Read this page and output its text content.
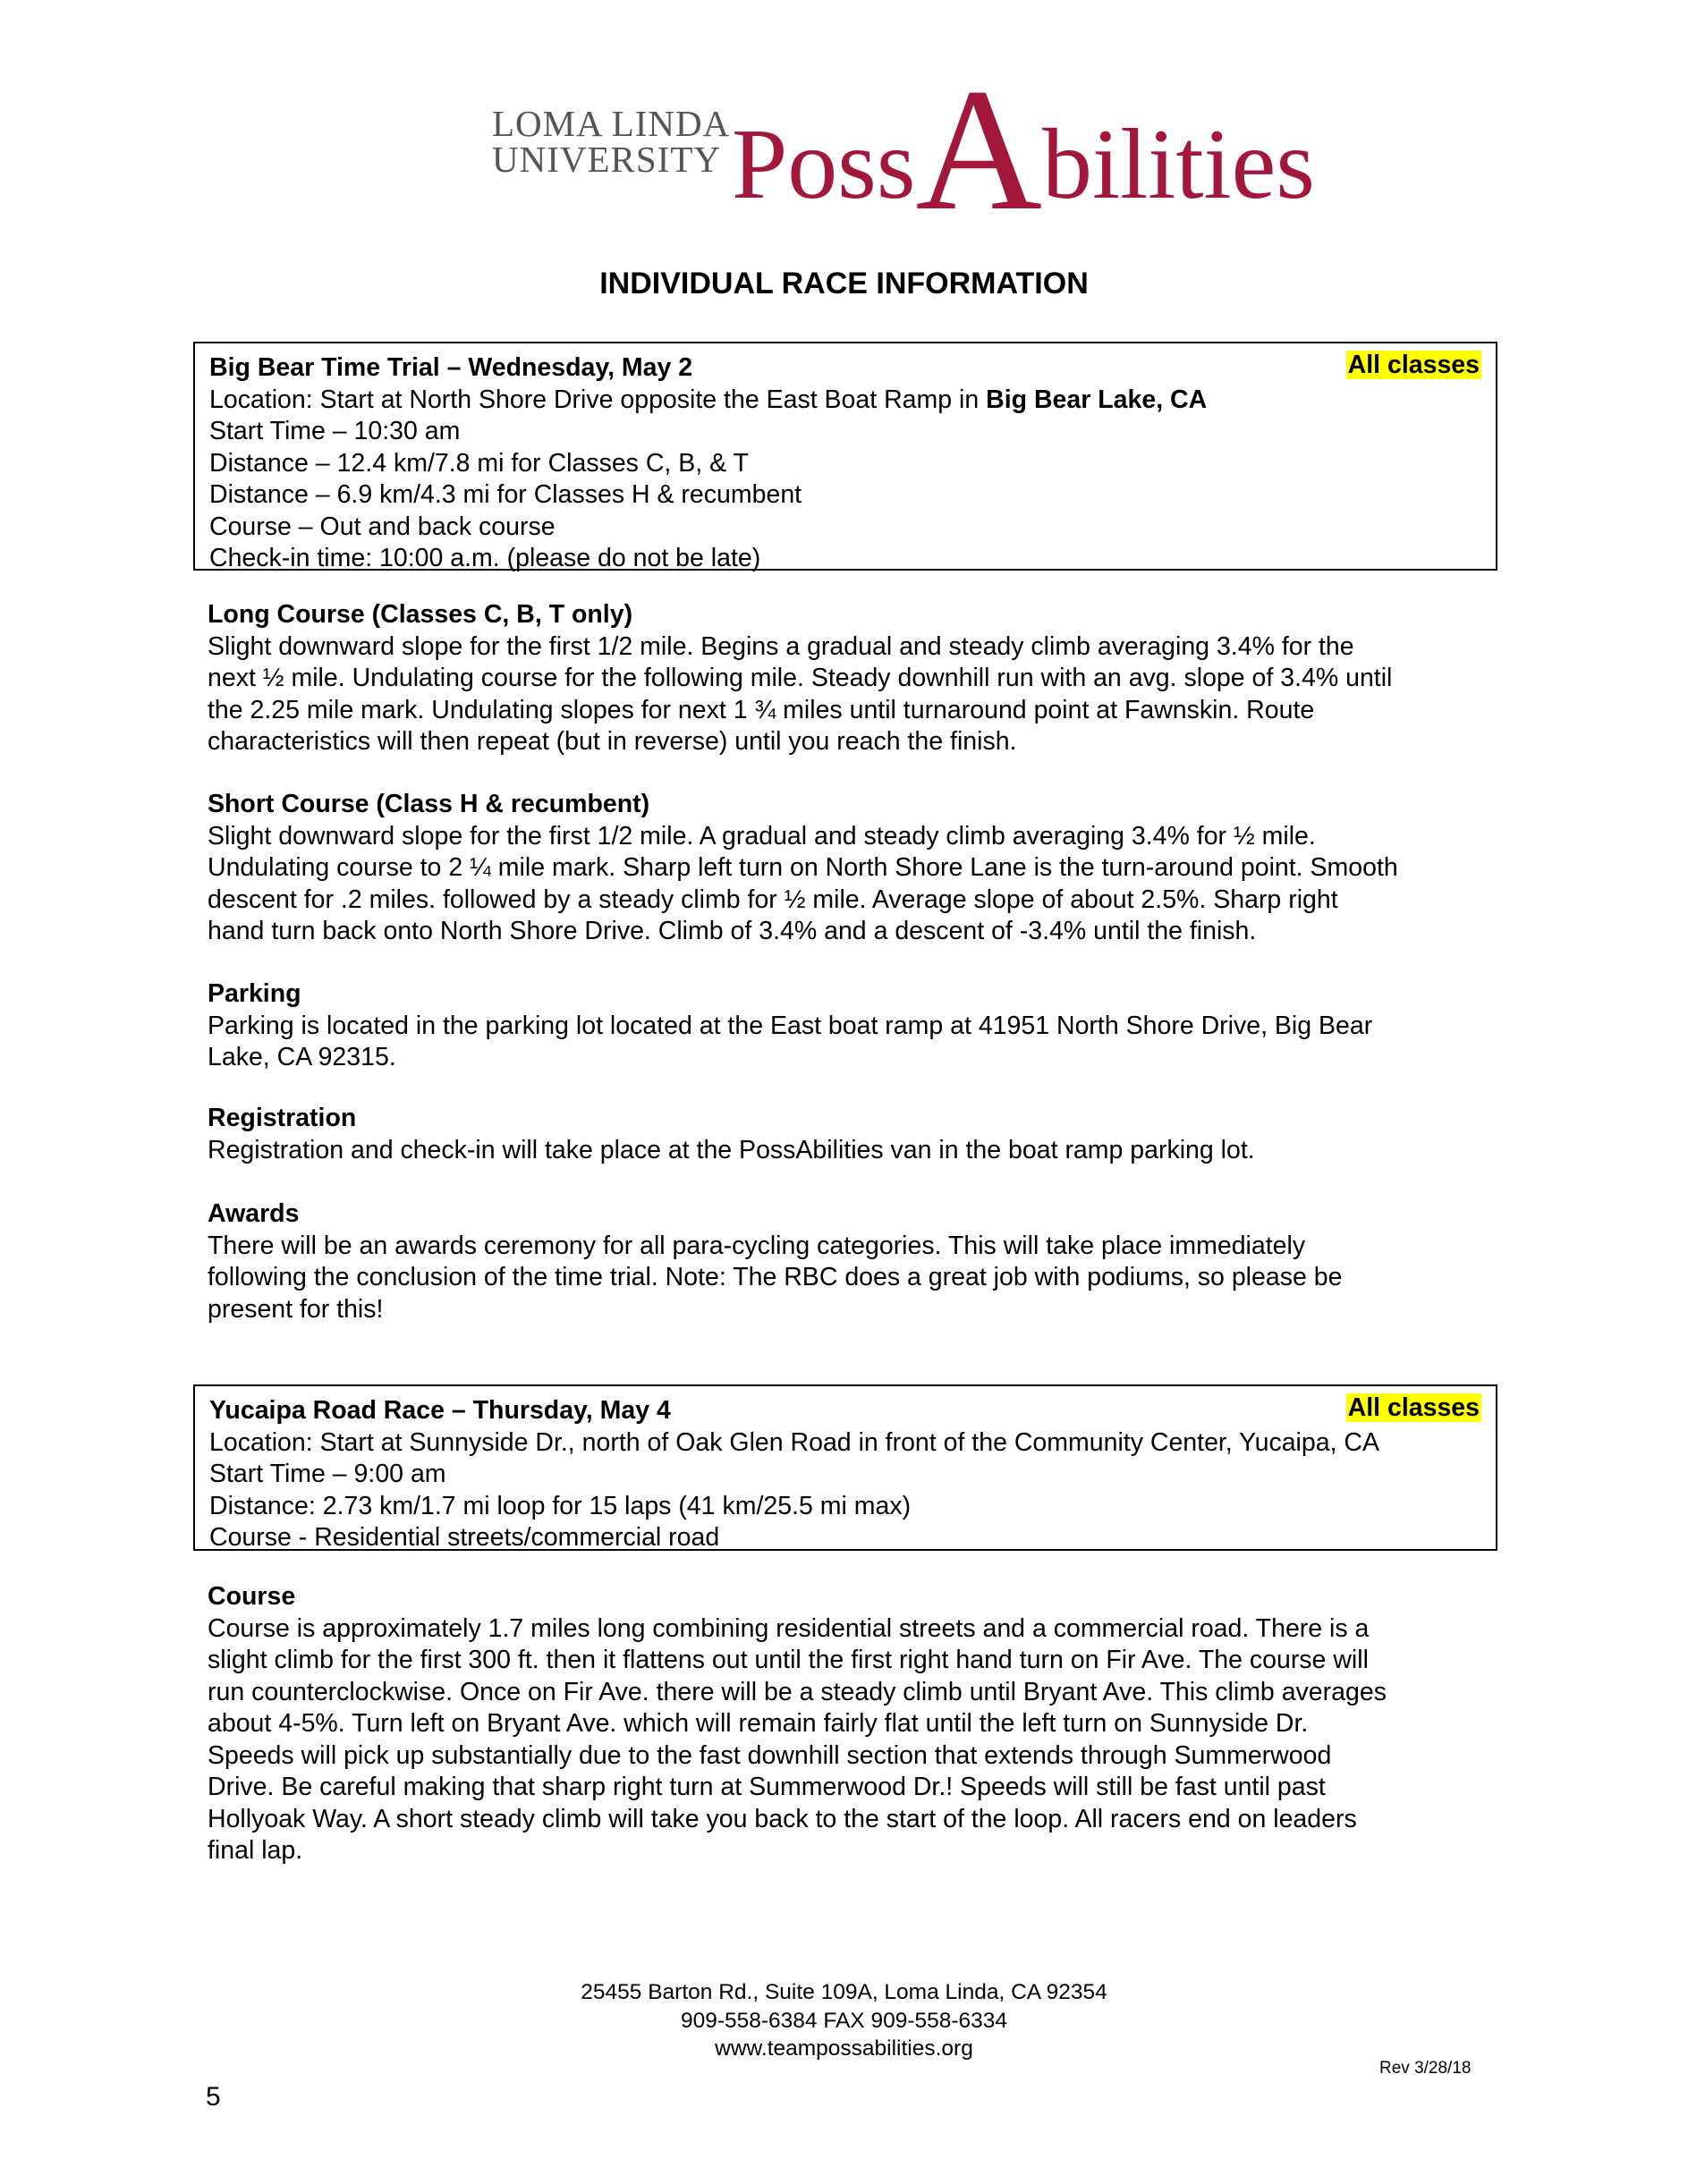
LOMA LINDA
UNIVERSITY PossAbilities
INDIVIDUAL RACE INFORMATION
All classes
Big Bear Time Trial – Wednesday, May 2
Location: Start at North Shore Drive opposite the East Boat Ramp in Big Bear Lake, CA
Start Time – 10:30 am
Distance – 12.4 km/7.8 mi for Classes C, B, & T
Distance – 6.9 km/4.3 mi for Classes H & recumbent
Course – Out and back course
Check-in time: 10:00 a.m. (please do not be late)
Long Course (Classes C, B, T only)
Slight downward slope for the first 1/2 mile. Begins a gradual and steady climb averaging 3.4% for the
next ½ mile. Undulating course for the following mile. Steady downhill run with an avg. slope of 3.4% until
the 2.25 mile mark. Undulating slopes for next 1 ¾ miles until turnaround point at Fawnskin. Route
characteristics will then repeat (but in reverse) until you reach the finish.
Short Course (Class H & recumbent)
Slight downward slope for the first 1/2 mile. A gradual and steady climb averaging 3.4% for ½ mile.
Undulating course to 2 ¼ mile mark. Sharp left turn on North Shore Lane is the turn-around point. Smooth
descent for .2 miles. followed by a steady climb for ½ mile. Average slope of about 2.5%. Sharp right
hand turn back onto North Shore Drive. Climb of 3.4% and a descent of -3.4% until the finish.
Parking
Parking is located in the parking lot located at the East boat ramp at 41951 North Shore Drive, Big Bear
Lake, CA 92315.
Registration
Registration and check-in will take place at the PossAbilities van in the boat ramp parking lot.
Awards
There will be an awards ceremony for all para-cycling categories. This will take place immediately
following the conclusion of the time trial. Note: The RBC does a great job with podiums, so please be
present for this!
All classes
Yucaipa Road Race – Thursday, May 4
Location: Start at Sunnyside Dr., north of Oak Glen Road in front of the Community Center, Yucaipa, CA
Start Time – 9:00 am
Distance: 2.73 km/1.7 mi loop for 15 laps (41 km/25.5 mi max)
Course - Residential streets/commercial road
Course
Course is approximately 1.7 miles long combining residential streets and a commercial road. There is a
slight climb for the first 300 ft. then it flattens out until the first right hand turn on Fir Ave. The course will
run counterclockwise. Once on Fir Ave. there will be a steady climb until Bryant Ave. This climb averages
about 4-5%. Turn left on Bryant Ave. which will remain fairly flat until the left turn on Sunnyside Dr.
Speeds will pick up substantially due to the fast downhill section that extends through Summerwood
Drive. Be careful making that sharp right turn at Summerwood Dr.! Speeds will still be fast until past
Hollyoak Way. A short steady climb will take you back to the start of the loop. All racers end on leaders
final lap.
25455 Barton Rd., Suite 109A, Loma Linda, CA 92354
909-558-6384 FAX 909-558-6334
www.teampossabilities.org
Rev 3/28/18
5
